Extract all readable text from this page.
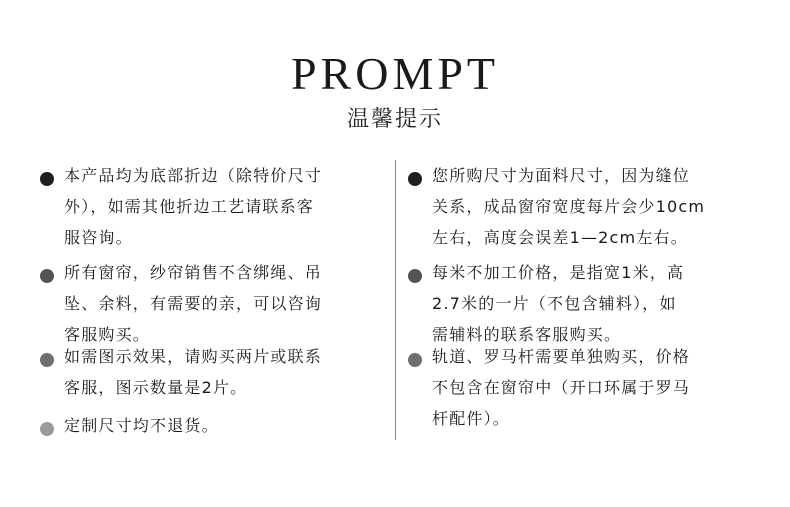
PROMPT
温馨提示
本产品均为底部折边（除特价尺寸
外），如需其他折边工艺请联系客
服咨询。
所有窗帘，纱帘销售不含绑绳、吊
坠、余料，有需要的亲，可以咨询
客服购买。
如需图示效果，请购买两片或联系
客服，图示数量是2片。
定制尺寸均不退货。
您所购尺寸为面料尺寸，因为缝位
关系，成品窗帘宽度每片会少10cm
左右，高度会误差1—2cm左右。
每米不加工价格，是指宽1米，高
2.7米的一片（不包含辅料），如
需辅料的联系客服购买。
轨道、罗马杆需要单独购买，价格
不包含在窗帘中（开口环属于罗马
杆配件）。
